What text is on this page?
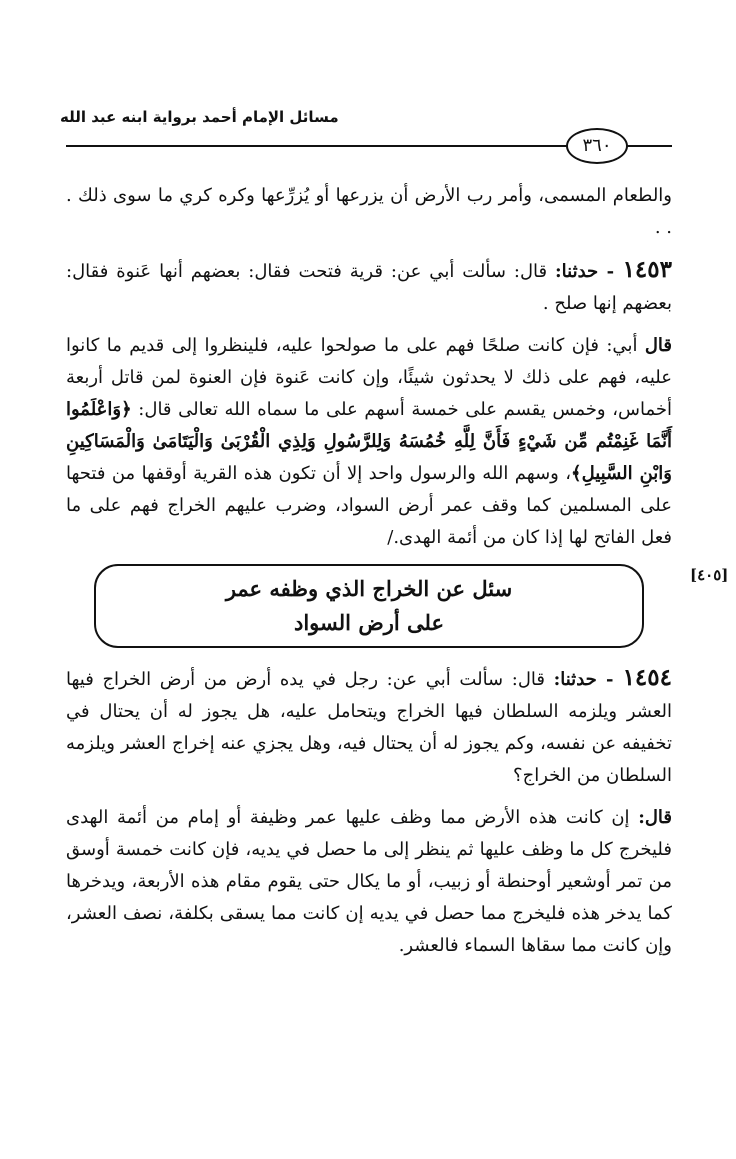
مسائل الإمام أحمد برواية ابنه عبد الله
٣٦٠
[٤٠٥]

والطعام المسمى، وأمر رب الأرض أن يزرعها أو يُزرِّعها وكره كري ما سوى ذلك . . .

١٤٥٣ - حدثنا: قال: سألت أبي عن: قرية فتحت فقال: بعضهم أنها عَنوة فقال: بعضهم إنها صلح .

قال أبي: فإن كانت صلحًا فهم على ما صولحوا عليه، فلينظروا إلى قديم ما كانوا عليه، فهم على ذلك لا يحدثون شيئًا، وإن كانت عَنوة فإن العنوة لمن قاتل أربعة أخماس، وخمس يقسم على خمسة أسهم على ما سماه الله تعالى قال: ﴿وَاعْلَمُوا أَنَّمَا غَنِمْتُم مِّن شَيْءٍ فَأَنَّ لِلَّهِ خُمُسَهُ وَلِلرَّسُولِ وَلِذِي الْقُرْبَىٰ وَالْيَتَامَىٰ وَالْمَسَاكِينِ وَابْنِ السَّبِيلِ﴾، وسهم الله والرسول واحد إلا أن تكون هذه القرية أوقفها من فتحها على المسلمين كما وقف عمر أرض السواد، وضرب عليهم الخراج فهم على ما فعل الفاتح لها إذا كان من أئمة الهدى./

سئل عن الخراج الذي وظفه عمر
على أرض السواد

١٤٥٤ - حدثنا: قال: سألت أبي عن: رجل في يده أرض من أرض الخراج فيها العشر ويلزمه السلطان فيها الخراج ويتحامل عليه، هل يجوز له أن يحتال في تخفيفه عن نفسه، وكم يجوز له أن يحتال فيه، وهل يجزي عنه إخراج العشر ويلزمه السلطان من الخراج؟

قال: إن كانت هذه الأرض مما وظف عليها عمر وظيفة أو إمام من أئمة الهدى فليخرج كل ما وظف عليها ثم ينظر إلى ما حصل في يديه، فإن كانت خمسة أوسق من تمر أوشعير أوحنطة أو زبيب، أو ما يكال حتى يقوم مقام هذه الأربعة، ويدخرها كما يدخر هذه فليخرج مما حصل في يديه إن كانت مما يسقى بكلفة، نصف العشر، وإن كانت مما سقاها السماء فالعشر.
